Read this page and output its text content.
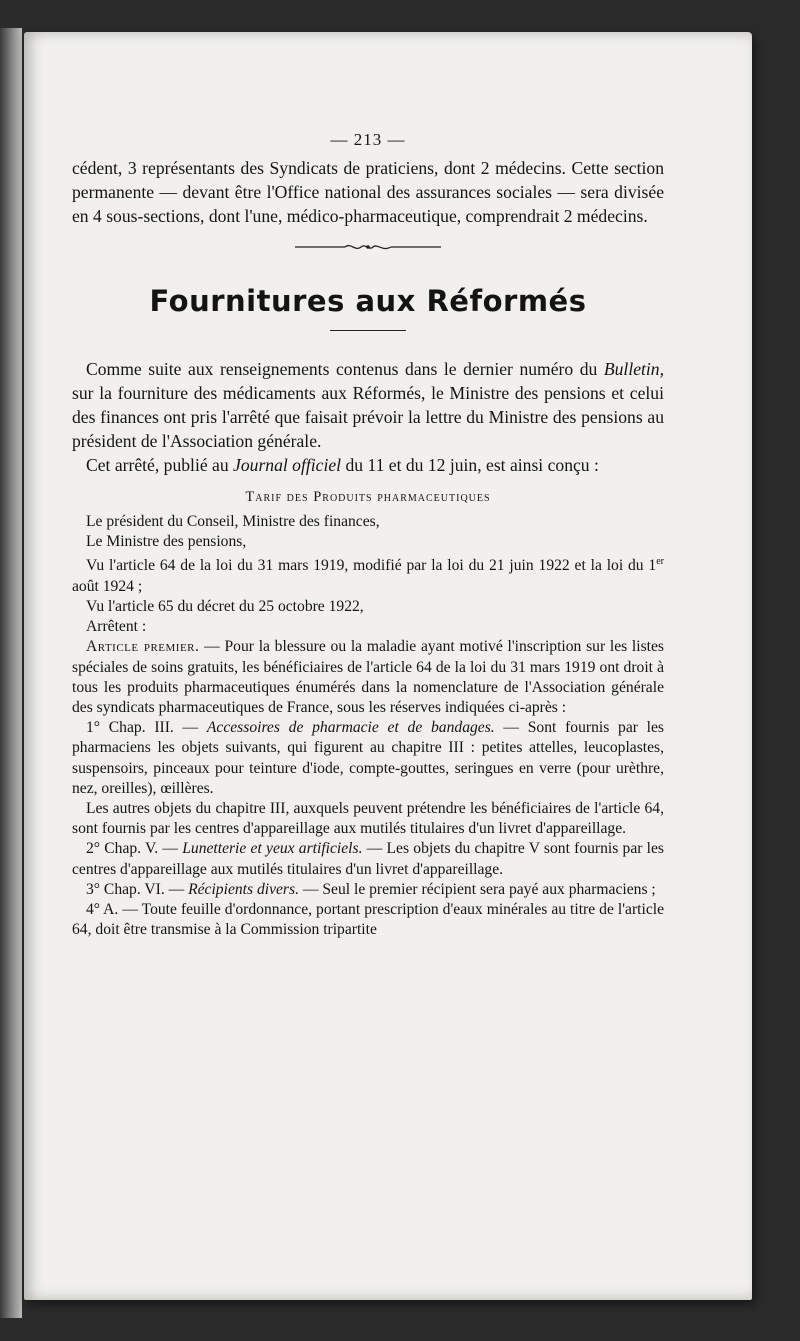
— 213 —

cédent, 3 représentants des Syndicats de praticiens, dont 2 médecins. Cette section permanente — devant être l'Office national des assurances sociales — sera divisée en 4 sous-sections, dont l'une, médico-pharmaceutique, comprendrait 2 médecins.

Fournitures aux Réformés

Comme suite aux renseignements contenus dans le dernier numéro du Bulletin, sur la fourniture des médicaments aux Réformés, le Ministre des pensions et celui des finances ont pris l'arrêté que faisait prévoir la lettre du Ministre des pensions au président de l'Association générale.

Cet arrêté, publié au Journal officiel du 11 et du 12 juin, est ainsi conçu :

Tarif des Produits pharmaceutiques

Le président du Conseil, Ministre des finances,

Le Ministre des pensions,

Vu l'article 64 de la loi du 31 mars 1919, modifié par la loi du 21 juin 1922 et la loi du 1er août 1924 ;

Vu l'article 65 du décret du 25 octobre 1922,

Arrêtent :

Article premier. — Pour la blessure ou la maladie ayant motivé l'inscription sur les listes spéciales de soins gratuits, les bénéficiaires de l'article 64 de la loi du 31 mars 1919 ont droit à tous les produits pharmaceutiques énumérés dans la nomenclature de l'Association générale des syndicats pharmaceutiques de France, sous les réserves indiquées ci-après :

1° Chap. III. — Accessoires de pharmacie et de bandages. — Sont fournis par les pharmaciens les objets suivants, qui figurent au chapitre III : petites attelles, leucoplastes, suspensoirs, pinceaux pour teinture d'iode, compte-gouttes, seringues en verre (pour urèthre, nez, oreilles), œillères.

Les autres objets du chapitre III, auxquels peuvent prétendre les bénéficiaires de l'article 64, sont fournis par les centres d'appareillage aux mutilés titulaires d'un livret d'appareillage.

2° Chap. V. — Lunetterie et yeux artificiels. — Les objets du chapitre V sont fournis par les centres d'appareillage aux mutilés titulaires d'un livret d'appareillage.

3° Chap. VI. — Récipients divers. — Seul le premier récipient sera payé aux pharmaciens ;

4° A. — Toute feuille d'ordonnance, portant prescription d'eaux minérales au titre de l'article 64, doit être transmise à la Commission tripartite
